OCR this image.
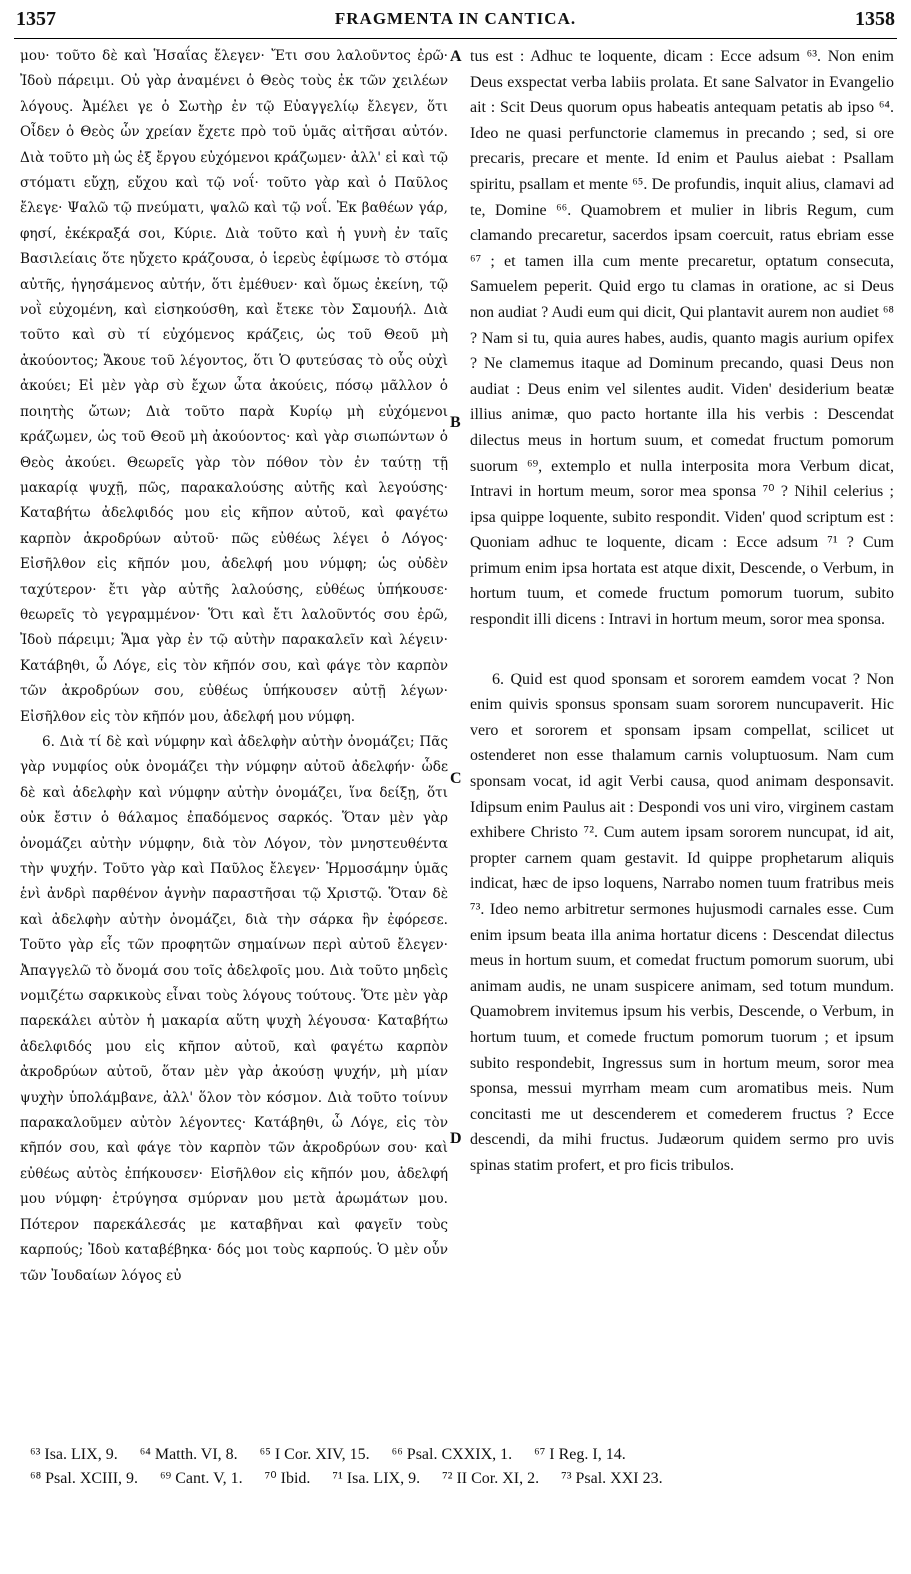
1357	FRAGMENTA IN CANTICA.	1358

μου· τοῦτο δὲ καὶ Ἡσαΐας ἔλεγεν· Ἔτι σου λαλοῦντος ἐρῶ· Ἰδοὺ πάρειμι. Οὐ γὰρ ἀναμένει ὁ Θεὸς τοὺς ἐκ τῶν χειλέων λόγους. Ἀμέλει γε ὁ Σωτὴρ ἐν τῷ Εὐαγγελίῳ ἔλεγεν, ὅτι Οἶδεν ὁ Θεὸς ὧν χρείαν ἔχετε πρὸ τοῦ ὑμᾶς αἰτῆσαι αὐτόν. Διὰ τοῦτο μὴ ὡς ἐξ ἔργου εὐχόμενοι κράζωμεν· ἀλλ' εἰ καὶ τῷ στόματι εὔχῃ, εὔχου καὶ τῷ νοΐ· τοῦτο γὰρ καὶ ὁ Παῦλος ἔλεγε· Ψαλῶ τῷ πνεύματι, ψαλῶ καὶ τῷ νοΐ. Ἐκ βαθέων γάρ, φησί, ἐκέκραξά σοι, Κύριε. Διὰ τοῦτο καὶ ἡ γυνὴ ἐν ταῖς Βασιλείαις ὅτε ηὔχετο κράζουσα, ὁ ἱερεὺς ἐφίμωσε τὸ στόμα αὐτῆς, ἡγησάμενος αὐτήν, ὅτι ἐμέθυεν· καὶ ὅμως ἐκείνη, τῷ νοῒ εὐχομένη, καὶ εἰσηκούσθη, καὶ ἔτεκε τὸν Σαμουήλ. Διὰ τοῦτο καὶ σὺ τί εὐχόμενος κράζεις, ὡς τοῦ Θεοῦ μὴ ἀκούοντος; Ἄκουε τοῦ λέγοντος, ὅτι Ὁ φυτεύσας τὸ οὖς οὐχὶ ἀκούει; Εἰ μὲν γὰρ σὺ ἔχων ὦτα ἀκούεις, πόσῳ μᾶλλον ὁ ποιητὴς ὤτων; Διὰ τοῦτο παρὰ Κυρίῳ μὴ εὐχόμενοι κράζωμεν, ὡς τοῦ Θεοῦ μὴ ἀκούοντος· καὶ γὰρ σιωπώντων ὁ Θεὸς ἀκούει. Θεωρεῖς γὰρ τὸν πόθον τὸν ἐν ταύτῃ τῇ μακαρίᾳ ψυχῇ, πῶς, παρακαλούσης αὐτῆς καὶ λεγούσης· Καταβήτω ἀδελφιδός μου εἰς κῆπον αὐτοῦ, καὶ φαγέτω καρπὸν ἀκροδρύων αὐτοῦ· πῶς εὐθέως λέγει ὁ Λόγος· Εἰσῆλθον εἰς κῆπόν μου, ἀδελφή μου νύμφη; ὡς οὐδὲν ταχύτερον· ἔτι γὰρ αὐτῆς λαλούσης, εὐθέως ὑπήκουσε· θεωρεῖς τὸ γεγραμμένον· Ὅτι καὶ ἔτι λαλοῦντός σου ἐρῶ, Ἰδοὺ πάρειμι; Ἅμα γὰρ ἐν τῷ αὐτὴν παρακαλεῖν καὶ λέγειν· Κατάβηθι, ὦ Λόγε, εἰς τὸν κῆπόν σου, καὶ φάγε τὸν καρπὸν τῶν ἀκροδρύων σου, εὐθέως ὑπήκουσεν αὐτῇ λέγων· Εἰσῆλθον εἰς τὸν κῆπόν μου, ἀδελφή μου νύμφη.

6. Διὰ τί δὲ καὶ νύμφην καὶ ἀδελφὴν αὐτὴν ὀνομάζει; Πᾶς γὰρ νυμφίος οὐκ ὀνομάζει τὴν νύμφην αὐτοῦ ἀδελφήν· ὧδε δὲ καὶ ἀδελφὴν καὶ νύμφην αὐτὴν ὀνομάζει, ἵνα δείξῃ, ὅτι οὐκ ἔστιν ὁ θάλαμος ἐπαδόμενος σαρκός. Ὅταν μὲν γὰρ ὀνομάζει αὐτὴν νύμφην, διὰ τὸν Λόγον, τὸν μνηστευθέντα τὴν ψυχήν. Τοῦτο γὰρ καὶ Παῦλος ἔλεγεν· Ἡρμοσάμην ὑμᾶς ἑνὶ ἀνδρὶ παρθένον ἁγνὴν παραστῆσαι τῷ Χριστῷ. Ὅταν δὲ καὶ ἀδελφὴν αὐτὴν ὀνομάζει, διὰ τὴν σάρκα ἣν ἐφόρεσε. Τοῦτο γὰρ εἷς τῶν προφητῶν σημαίνων περὶ αὐτοῦ ἔλεγεν· Ἀπαγγελῶ τὸ ὄνομά σου τοῖς ἀδελφοῖς μου. Διὰ τοῦτο μηδεὶς νομιζέτω σαρκικοὺς εἶναι τοὺς λόγους τούτους. Ὅτε μὲν γὰρ παρεκάλει αὐτὸν ἡ μακαρία αὕτη ψυχὴ λέγουσα· Καταβήτω ἀδελφιδός μου εἰς κῆπον αὐτοῦ, καὶ φαγέτω καρπὸν ἀκροδρύων αὐτοῦ, ὅταν μὲν γὰρ ἀκούσῃ ψυχήν, μὴ μίαν ψυχὴν ὑπολάμβανε, ἀλλ' ὅλον τὸν κόσμον. Διὰ τοῦτο τοίνυν παρακαλοῦμεν αὐτὸν λέγοντες· Κατάβηθι, ὦ Λόγε, εἰς τὸν κῆπόν σου, καὶ φάγε τὸν καρπὸν τῶν ἀκροδρύων σου· καὶ εὐθέως αὐτὸς ἐπήκουσεν· Εἰσῆλθον εἰς κῆπόν μου, ἀδελφή μου νύμφη· ἐτρύγησα σμύρναν μου μετὰ ἀρωμάτων μου. Πότερον παρεκάλεσάς με καταβῆναι καὶ φαγεῖν τοὺς καρπούς; Ἰδοὺ καταβέβηκα· δός μοι τοὺς καρπούς. Ὁ μὲν οὖν τῶν Ἰουδαίων λόγος εὐ

tus est : Adhuc te loquente, dicam : Ecce adsum ⁶³. Non enim Deus exspectat verba labiis prolata. Et sane Salvator in Evangelio ait : Scit Deus quorum opus habeatis antequam petatis ab ipso ⁶⁴. Ideo ne quasi perfunctorie clamemus in precando ; sed, si ore precaris, precare et mente. Id enim et Paulus aiebat : Psallam spiritu, psallam et mente ⁶⁵. De profundis, inquit alius, clamavi ad te, Domine ⁶⁶. Quamobrem et mulier in libris Regum, cum clamando precaretur, sacerdos ipsam coercuit, ratus ebriam esse ⁶⁷ ; et tamen illa cum mente precaretur, optatum consecuta, Samuelem peperit. Quid ergo tu clamas in oratione, ac si Deus non audiat ? Audi eum qui dicit, Qui plantavit aurem non audiet ⁶⁸ ? Nam si tu, quia aures habes, audis, quanto magis aurium opifex ? Ne clamemus itaque ad Dominum precando, quasi Deus non audiat : Deus enim vel silentes audit. Viden' desiderium beatæ illius animæ, quo pacto hortante illa his verbis : Descendat dilectus meus in hortum suum, et comedat fructum pomorum suorum ⁶⁹, extemplo et nulla interposita mora Verbum dicat, Intravi in hortum meum, soror mea sponsa ⁷⁰ ? Nihil celerius ; ipsa quippe loquente, subito respondit. Viden' quod scriptum est : Quoniam adhuc te loquente, dicam : Ecce adsum ⁷¹ ? Cum primum enim ipsa hortata est atque dixit, Descende, o Verbum, in hortum tuum, et comede fructum pomorum tuorum, subito respondit illi dicens : Intravi in hortum meum, soror mea sponsa.

6. Quid est quod sponsam et sororem eamdem vocat ? Non enim quivis sponsus sponsam suam sororem nuncupaverit. Hic vero et sororem et sponsam ipsam compellat, scilicet ut ostenderet non esse thalamum carnis voluptuosum. Nam cum sponsam vocat, id agit Verbi causa, quod animam desponsavit. Idipsum enim Paulus ait : Despondi vos uni viro, virginem castam exhibere Christo ⁷². Cum autem ipsam sororem nuncupat, id ait, propter carnem quam gestavit. Id quippe prophetarum aliquis indicat, hæc de ipso loquens, Narrabo nomen tuum fratribus meis ⁷³. Ideo nemo arbitretur sermones hujusmodi carnales esse. Cum enim ipsum beata illa anima hortatur dicens : Descendat dilectus meus in hortum suum, et comedat fructum pomorum suorum, ubi animam audis, ne unam suspicere animam, sed totum mundum. Quamobrem invitemus ipsum his verbis, Descende, o Verbum, in hortum tuum, et comede fructum pomorum tuorum ; et ipsum subito respondebit, Ingressus sum in hortum meum, soror mea sponsa, messui myrrham meam cum aromatibus meis. Num concitasti me ut descenderem et comederem fructus ? Ecce descendi, da mihi fructus. Judæorum quidem sermo pro uvis spinas statim profert, et pro ficis tribulos.

A
B
C
D
⁶³ Isa. LIX, 9. ⁶⁴ Matth. VI, 8. ⁶⁵ I Cor. XIV, 15. ⁶⁶ Psal. CXXIX, 1. ⁶⁷ I Reg. I, 14.
⁶⁸ Psal. XCIII, 9. ⁶⁹ Cant. V, 1. ⁷⁰ Ibid. ⁷¹ Isa. LIX, 9. ⁷² II Cor. XI, 2. ⁷³ Psal. XXI 23.
